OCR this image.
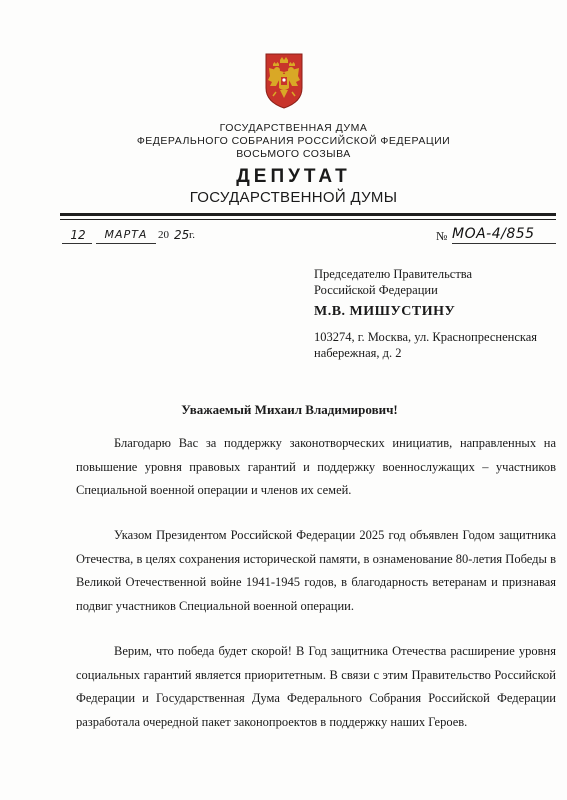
ГОСУДАРСТВЕННАЯ ДУМА
ФЕДЕРАЛЬНОГО СОБРАНИЯ РОССИЙСКОЙ ФЕДЕРАЦИИ
ВОСЬМОГО СОЗЫВА
ДЕПУТАТ
ГОСУДАРСТВЕННОЙ ДУМЫ
12	МАРТА 20 25 г.	№ МОА-4/855
Председателю Правительства Российской Федерации
М.В. МИШУСТИНУ
103274, г. Москва, ул. Краснопресненская набережная, д. 2
Уважаемый Михаил Владимирович!

Благодарю Вас за поддержку законотворческих инициатив, направленных на повышение уровня правовых гарантий и поддержку военнослужащих – участников Специальной военной операции и членов их семей.

Указом Президентом Российской Федерации 2025 год объявлен Годом защитника Отечества, в целях сохранения исторической памяти, в ознаменование 80-летия Победы в Великой Отечественной войне 1941-1945 годов, в благодарность ветеранам и признавая подвиг участников Специальной военной операции.

Верим, что победа будет скорой! В Год защитника Отечества расширение уровня социальных гарантий является приоритетным. В связи с этим Правительство Российской Федерации и Государственная Дума Федерального Собрания Российской Федерации разработала очередной пакет законопроектов в поддержку наших Героев.
